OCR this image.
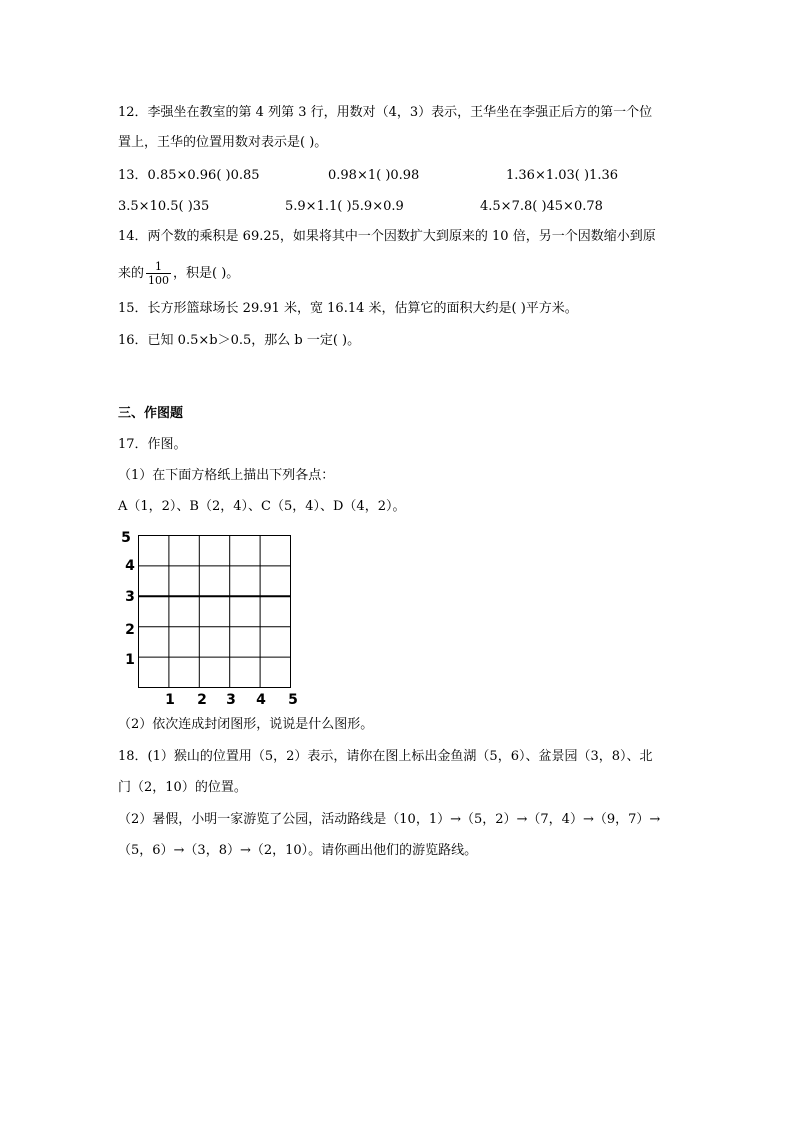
12．李强坐在教室的第 4 列第 3 行，用数对（4，3）表示，王华坐在李强正后方的第一个位
置上，王华的位置用数对表示是( )。
13．0.85×0.96( )0.85	0.98×1( )0.98	1.36×1.03( )1.36
3.5×10.5( )35	5.9×1.1( )5.9×0.9	4.5×7.8( )45×0.78
14．两个数的乘积是 69.25，如果将其中一个因数扩大到原来的 10 倍，另一个因数缩小到原
来的 $\frac{1}{100}$ ，积是( )。
15．长方形篮球场长 29.91 米，宽 16.14 米，估算它的面积大约是( )平方米。
16．已知 0.5×b＞0.5，那么 b 一定( )。
三、作图题
17．作图。
（1）在下面方格纸上描出下列各点：
A（1，2）、B（2，4）、C（5，4）、D（4，2）。
5
4
3
2
1
1 2 3 4 5
（2）依次连成封闭图形，说说是什么图形。
18．(1）猴山的位置用（5，2）表示，请你在图上标出金鱼湖（5，6）、盆景园（3，8）、北
门（2，10）的位置。
（2）暑假，小明一家游览了公园，活动路线是（10，1）→（5，2）→（7，4）→（9，7）→
（5，6）→（3，8）→（2，10）。请你画出他们的游览路线。
